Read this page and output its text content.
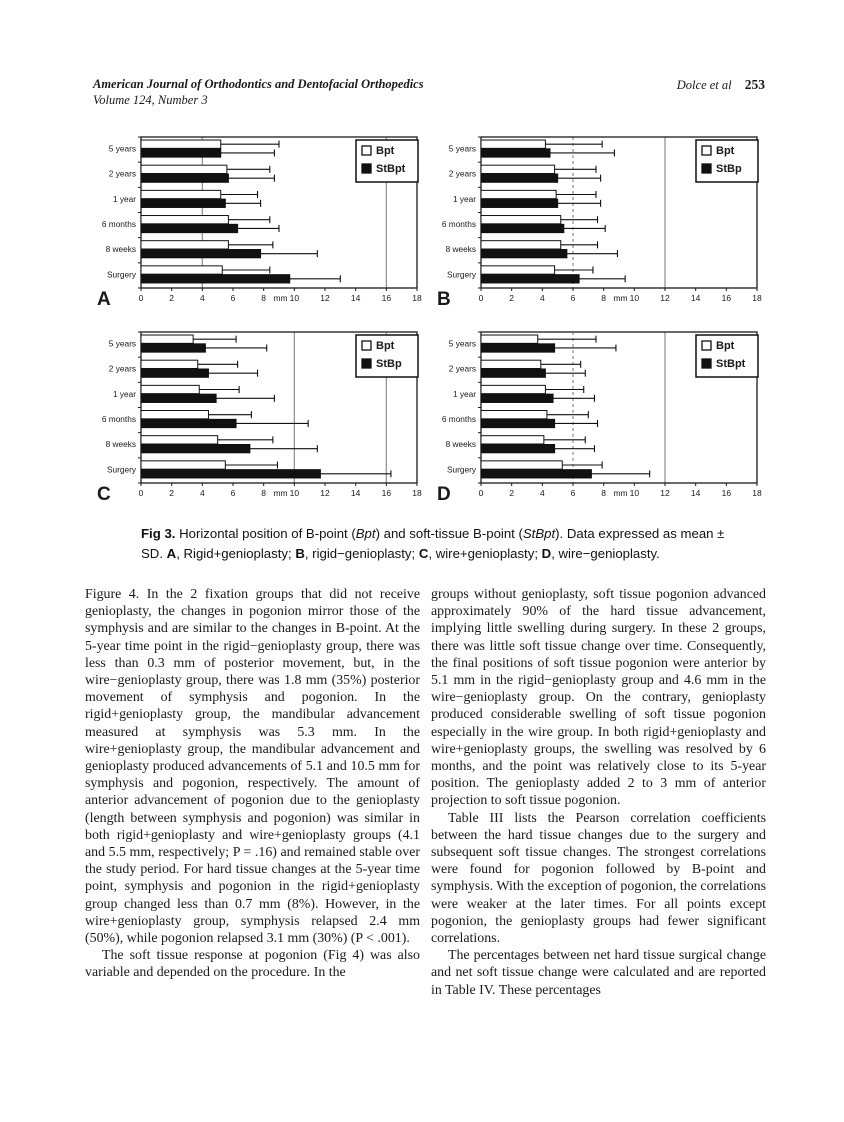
American Journal of Orthodontics and Dentofacial Orthopedics
Volume 124, Number 3
Dolce et al 253
0	2	4	6	8	10 12 14 16 18
mm
5 years
2 years
1 year
6 months
8 weeks
Surgery
Bpt
StBpt
A	0	2	4	6	8	10 12 14 16 18
mm
5 years
2 years
1 year
6 months
8 weeks
Surgery
Bpt
StBp
B
0	2	4	6	8	10 12 14 16 18
mm
5 years
2 years
1 year
6 months
8 weeks
Surgery
Bpt
StBp
C	0	2	4	6	8	10 12 14 16 18
mm
5 years
2 years
1 year
6 months
8 weeks
Surgery
Bpt
StBpt
D
Fig 3. Horizontal position of B-point (Bpt) and soft-tissue B-point (StBpt). Data expressed as mean ± SD. A, Rigid+genioplasty; B, rigid−genioplasty; C, wire+genioplasty; D, wire−genioplasty.

Figure 4. In the 2 fixation groups that did not receive genioplasty, the changes in pogonion mirror those of the symphysis and are similar to the changes in B-point. At the 5-year time point in the rigid−genioplasty group, there was less than 0.3 mm of posterior movement, but, in the wire−genioplasty group, there was 1.8 mm (35%) posterior movement of symphysis and pogonion. In the rigid+genioplasty group, the mandibular advancement measured at symphysis was 5.3 mm. In the wire+genioplasty group, the mandibular advancement and genioplasty produced advancements of 5.1 and 10.5 mm for symphysis and pogonion, respectively. The amount of anterior advancement of pogonion due to the genioplasty (length between symphysis and pogonion) was similar in both rigid+genioplasty and wire+genioplasty groups (4.1 and 5.5 mm, respectively; P = .16) and remained stable over the study period. For hard tissue changes at the 5-year time point, symphysis and pogonion in the rigid+genioplasty group changed less than 0.7 mm (8%). However, in the wire+genioplasty group, symphysis relapsed 2.4 mm (50%), while pogonion relapsed 3.1 mm (30%) (P < .001).

The soft tissue response at pogonion (Fig 4) was also variable and depended on the procedure. In the

groups without genioplasty, soft tissue pogonion advanced approximately 90% of the hard tissue advancement, implying little swelling during surgery. In these 2 groups, there was little soft tissue change over time. Consequently, the final positions of soft tissue pogonion were anterior by 5.1 mm in the rigid−genioplasty group and 4.6 mm in the wire−genioplasty group. On the contrary, genioplasty produced considerable swelling of soft tissue pogonion especially in the wire group. In both rigid+genioplasty and wire+genioplasty groups, the swelling was resolved by 6 months, and the point was relatively close to its 5-year position. The genioplasty added 2 to 3 mm of anterior projection to soft tissue pogonion.

Table III lists the Pearson correlation coefficients between the hard tissue changes due to the surgery and subsequent soft tissue changes. The strongest correlations were found for pogonion followed by B-point and symphysis. With the exception of pogonion, the correlations were weaker at the later times. For all points except pogonion, the genioplasty groups had fewer significant correlations.

The percentages between net hard tissue surgical change and net soft tissue change were calculated and are reported in Table IV. These percentages
